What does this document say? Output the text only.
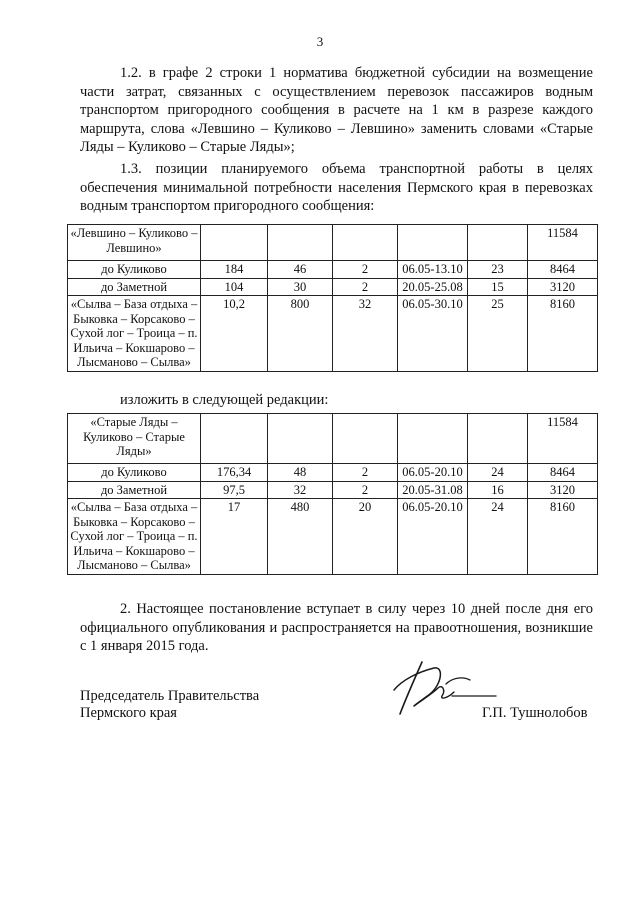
3

1.2. в графе 2 строки 1 норматива бюджетной субсидии на возмещение части затрат, связанных с осуществлением перевозок пассажиров водным транспортом пригородного сообщения в расчете на 1 км в разрезе каждого маршрута, слова «Левшино – Куликово – Левшино» заменить словами «Старые Ляды – Куликово – Старые Ляды»;

1.3. позиции планируемого объема транспортной работы в целях обеспечения минимальной потребности населения Пермского края в перевозках водным транспортом пригородного сообщения:

«Левшино – Куликово – Левшино»						11584
до Куликово	184	46	2	06.05-13.10	23	8464
до Заметной	104	30	2	20.05-25.08	15	3120
«Сылва – База отдыха – Быковка – Корсаково – Сухой лог – Троица – п. Ильича – Кокшарово – Лысманово – Сылва»	10,2	800	32	06.05-30.10	25	8160
изложить в следующей редакции:
«Старые Ляды – Куликово – Старые Ляды»						11584
до Куликово	176,34	48	2	06.05-20.10	24	8464
до Заметной	97,5	32	2	20.05-31.08	16	3120
«Сылва – База отдыха – Быковка – Корсаково – Сухой лог – Троица – п. Ильича – Кокшарово – Лысманово – Сылва»	17	480	20	06.05-20.10	24	8160

2. Настоящее постановление вступает в силу через 10 дней после дня его официального опубликования и распространяется на правоотношения, возникшие с 1 января 2015 года.

Председатель Правительства
Пермского края	Г.П. Тушнолобов
